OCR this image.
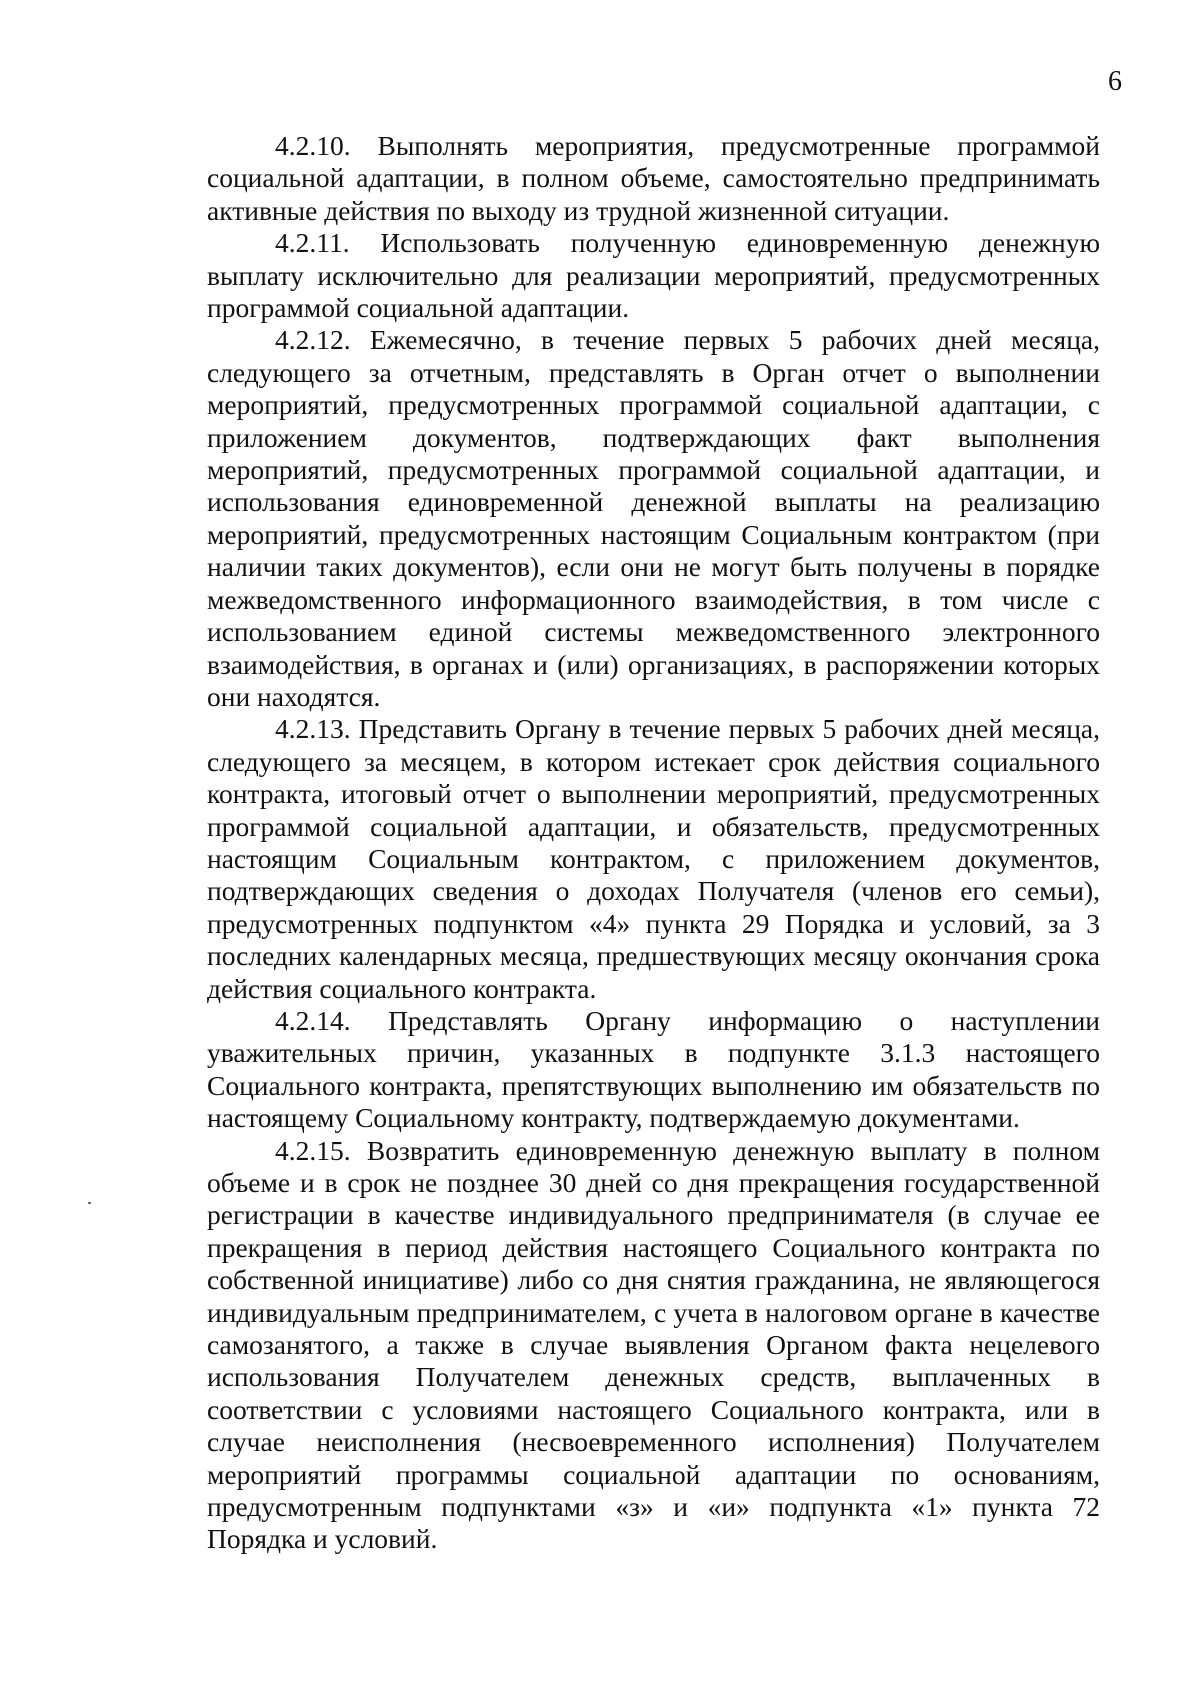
6

4.2.10. Выполнять мероприятия, предусмотренные программой социальной адаптации, в полном объеме, самостоятельно предпринимать активные действия по выходу из трудной жизненной ситуации.

4.2.11. Использовать полученную единовременную денежную выплату исключительно для реализации мероприятий, предусмотренных программой социальной адаптации.

4.2.12. Ежемесячно, в течение первых 5 рабочих дней месяца, следующего за отчетным, представлять в Орган отчет о выполнении мероприятий, предусмотренных программой социальной адаптации, с приложением документов, подтверждающих факт выполнения мероприятий, предусмотренных программой социальной адаптации, и использования единовременной денежной выплаты на реализацию мероприятий, предусмотренных настоящим Социальным контрактом (при наличии таких документов), если они не могут быть получены в порядке межведомственного информационного взаимодействия, в том числе с использованием единой системы межведомственного электронного взаимодействия, в органах и (или) организациях, в распоряжении которых они находятся.

4.2.13. Представить Органу в течение первых 5 рабочих дней месяца, следующего за месяцем, в котором истекает срок действия социального контракта, итоговый отчет о выполнении мероприятий, предусмотренных программой социальной адаптации, и обязательств, предусмотренных настоящим Социальным контрактом, с приложением документов, подтверждающих сведения о доходах Получателя (членов его семьи), предусмотренных подпунктом «4» пункта 29 Порядка и условий, за 3 последних календарных месяца, предшествующих месяцу окончания срока действия социального контракта.

4.2.14. Представлять Органу информацию о наступлении уважительных причин, указанных в подпункте 3.1.3 настоящего Социального контракта, препятствующих выполнению им обязательств по настоящему Социальному контракту, подтверждаемую документами.

4.2.15. Возвратить единовременную денежную выплату в полном объеме и в срок не позднее 30 дней со дня прекращения государственной регистрации в качестве индивидуального предпринимателя (в случае ее прекращения в период действия настоящего Социального контракта по собственной инициативе) либо со дня снятия гражданина, не являющегося индивидуальным предпринимателем, с учета в налоговом органе в качестве самозанятого, а также в случае выявления Органом факта нецелевого использования Получателем денежных средств, выплаченных в соответствии с условиями настоящего Социального контракта, или в случае неисполнения (несвоевременного исполнения) Получателем мероприятий программы социальной адаптации по основаниям, предусмотренным подпунктами «з» и «и» подпункта «1» пункта 72 Порядка и условий.
